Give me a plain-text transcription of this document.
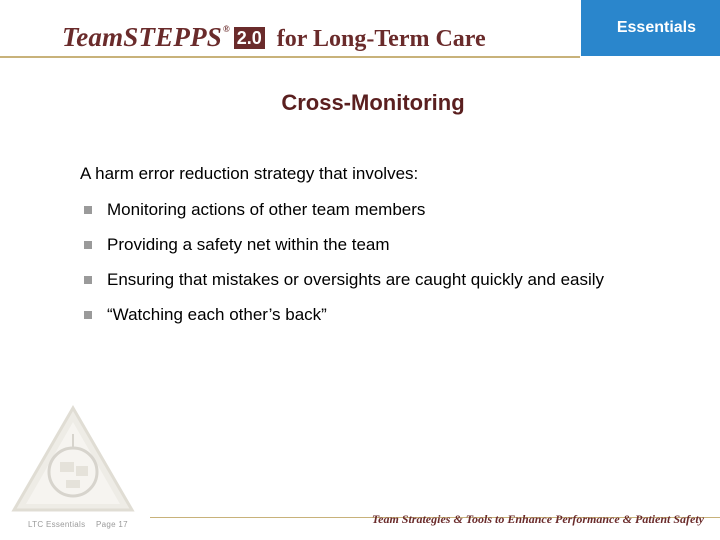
TeamSTEPPS ® 2.0 for Long-Term Care	Essentials
Cross-Monitoring
A harm error reduction strategy that involves:
Monitoring actions of other team members
Providing a safety net within the team
Ensuring that mistakes or oversights are caught quickly and easily
“Watching each other’s back”
LTC Essentials Page 17	Team Strategies & Tools to Enhance Performance & Patient Safety
